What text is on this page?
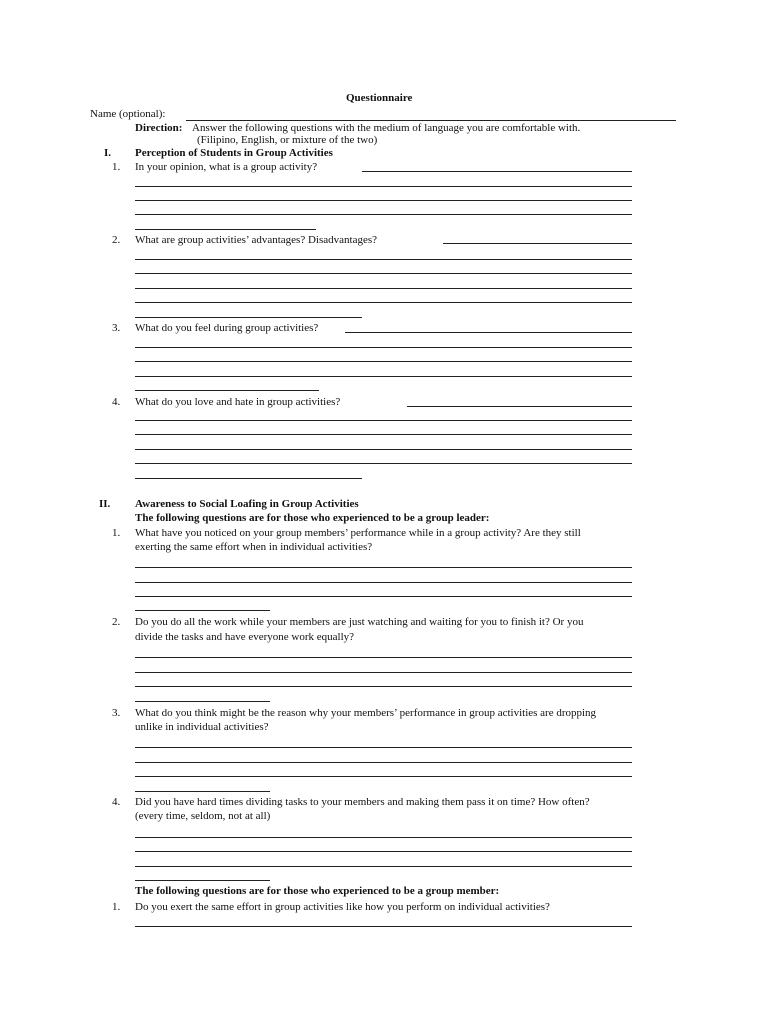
Questionnaire
Name (optional):
Direction: Answer the following questions with the medium of language you are comfortable with.
(Filipino, English, or mixture of the two)
I. Perception of Students in Group Activities
1. In your opinion, what is a group activity?
2. What are group activities’ advantages? Disadvantages?
3. What do you feel during group activities?
4. What do you love and hate in group activities?
II. Awareness to Social Loafing in Group Activities
The following questions are for those who experienced to be a group leader:
1. What have you noticed on your group members’ performance while in a group activity? Are they still
exerting the same effort when in individual activities?
2. Do you do all the work while your members are just watching and waiting for you to finish it? Or you
divide the tasks and have everyone work equally?
3. What do you think might be the reason why your members’ performance in group activities are dropping
unlike in individual activities?
4. Did you have hard times dividing tasks to your members and making them pass it on time? How often?
(every time, seldom, not at all)
The following questions are for those who experienced to be a group member:
1. Do you exert the same effort in group activities like how you perform on individual activities?
